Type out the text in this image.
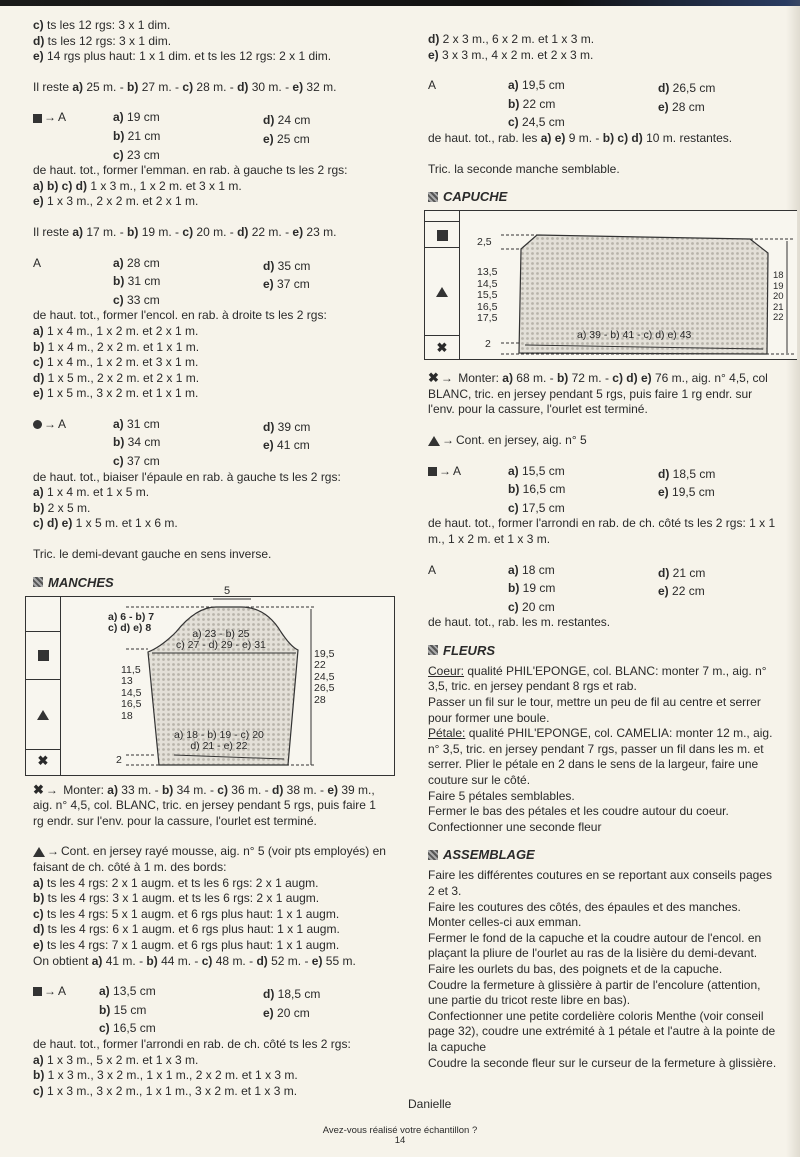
c) ts les 12 rgs: 3 x 1 dim.
d) ts les 12 rgs: 3 x 1 dim.
e) 14 rgs plus haut: 1 x 1 dim. et ts les 12 rgs: 2 x 1 dim.
Il reste a) 25 m. - b) 27 m. - c) 28 m. - d) 30 m. - e) 32 m.
→ A	a) 19 cm	d) 24 cm
b) 21 cm	e) 25 cm
c) 23 cm
de haut. tot., former l'emman. en rab. à gauche ts les 2 rgs:
a) b) c) d) 1 x 3 m., 1 x 2 m. et 3 x 1 m.
e) 1 x 3 m., 2 x 2 m. et 2 x 1 m.
Il reste a) 17 m. - b) 19 m. - c) 20 m. - d) 22 m. - e) 23 m.
A	a) 28 cm	d) 35 cm
b) 31 cm	e) 37 cm
c) 33 cm
de haut. tot., former l'encol. en rab. à droite ts les 2 rgs:
a) 1 x 4 m., 1 x 2 m. et 2 x 1 m.
b) 1 x 4 m., 2 x 2 m. et 1 x 1 m.
c) 1 x 4 m., 1 x 2 m. et 3 x 1 m.
d) 1 x 5 m., 2 x 2 m. et 2 x 1 m.
e) 1 x 5 m., 3 x 2 m. et 1 x 1 m.
→ A	a) 31 cm	d) 39 cm
b) 34 cm	e) 41 cm
c) 37 cm
de haut. tot., biaiser l'épaule en rab. à gauche ts les 2 rgs:
a) 1 x 4 m. et 1 x 5 m.
b) 2 x 5 m.
c) d) e) 1 x 5 m. et 1 x 6 m.
Tric. le demi-devant gauche en sens inverse.
MANCHES
✖
5
a) 6 - b) 7
c) d) e) 8	a) 23 - b) 25
c) 27 - d) 29 - e) 31
11,5
13
14,5
16,5
18
19,5
22
24,5
26,5
28
a) 18 - b) 19 - c) 20
d) 21 - e) 22
2
✖ → Monter: a) 33 m. - b) 34 m. - c) 36 m. - d) 38 m. - e) 39 m.,
aig. n° 4,5, col. BLANC, tric. en jersey pendant 5 rgs, puis faire 1
rg endr. sur l'env. pour la cassure, l'ourlet est terminé.
→ Cont. en jersey rayé mousse, aig. n° 5 (voir pts employés) en
faisant de ch. côté à 1 m. des bords:
a) ts les 4 rgs: 2 x 1 augm. et ts les 6 rgs: 2 x 1 augm.
b) ts les 4 rgs: 3 x 1 augm. et ts les 6 rgs: 2 x 1 augm.
c) ts les 4 rgs: 5 x 1 augm. et 6 rgs plus haut: 1 x 1 augm.
d) ts les 4 rgs: 6 x 1 augm. et 6 rgs plus haut: 1 x 1 augm.
e) ts les 4 rgs: 7 x 1 augm. et 6 rgs plus haut: 1 x 1 augm.
On obtient a) 41 m. - b) 44 m. - c) 48 m. - d) 52 m. - e) 55 m.
→ A	a) 13,5 cm	d) 18,5 cm
b) 15 cm	e) 20 cm
c) 16,5 cm
de haut. tot., former l'arrondi en rab. de ch. côté ts les 2 rgs:
a) 1 x 3 m., 5 x 2 m. et 1 x 3 m.
b) 1 x 3 m., 3 x 2 m., 1 x 1 m., 2 x 2 m. et 1 x 3 m.
c) 1 x 3 m., 3 x 2 m., 1 x 1 m., 3 x 2 m. et 1 x 3 m.
d) 2 x 3 m., 6 x 2 m. et 1 x 3 m.
e) 3 x 3 m., 4 x 2 m. et 2 x 3 m.
A	a) 19,5 cm	d) 26,5 cm
b) 22 cm	e) 28 cm
c) 24,5 cm
de haut. tot., rab. les a) e) 9 m. - b) c) d) 10 m. restantes.
Tric. la seconde manche semblable.
CAPUCHE
✖
2,5
13,5
14,5
15,5
16,5
17,5
18
19
20
21
22
a) 39 - b) 41 - c) d) e) 43
2
✖ → Monter: a) 68 m. - b) 72 m. - c) d) e) 76 m., aig. n° 4,5, col
BLANC, tric. en jersey pendant 5 rgs, puis faire 1 rg endr. sur
l'env. pour la cassure, l'ourlet est terminé.
→ Cont. en jersey, aig. n° 5
→ A	a) 15,5 cm	d) 18,5 cm
b) 16,5 cm	e) 19,5 cm
c) 17,5 cm
de haut. tot., former l'arrondi en rab. de ch. côté ts les 2 rgs: 1 x 1
m., 1 x 2 m. et 1 x 3 m.
A	a) 18 cm	d) 21 cm
b) 19 cm	e) 22 cm
c) 20 cm
de haut. tot., rab. les m. restantes.
FLEURS
Coeur: qualité PHIL'EPONGE, col. BLANC: monter 7 m., aig. n°
3,5, tric. en jersey pendant 8 rgs et rab.
Passer un fil sur le tour, mettre un peu de fil au centre et serrer
pour former une boule.
Pétale: qualité PHIL'EPONGE, col. CAMELIA: monter 12 m., aig.
n° 3,5, tric. en jersey pendant 7 rgs, passer un fil dans les m. et
serrer. Plier le pétale en 2 dans le sens de la largeur, faire une
couture sur le côté.
Faire 5 pétales semblables.
Fermer le bas des pétales et les coudre autour du coeur.
Confectionner une seconde fleur
ASSEMBLAGE
Faire les différentes coutures en se reportant aux conseils pages
2 et 3.
Faire les coutures des côtés, des épaules et des manches.
Monter celles-ci aux emman.
Fermer le fond de la capuche et la coudre autour de l'encol. en
plaçant la pliure de l'ourlet au ras de la lisière du demi-devant.
Faire les ourlets du bas, des poignets et de la capuche.
Coudre la fermeture à glissière à partir de l'encolure (attention,
une partie du tricot reste libre en bas).
Confectionner une petite cordelière coloris Menthe (voir conseil
page 32), coudre une extrémité à 1 pétale et l'autre à la pointe de
la capuche
Coudre la seconde fleur sur le curseur de la fermeture à glissière.
Danielle
Avez-vous réalisé votre échantillon ?
14
